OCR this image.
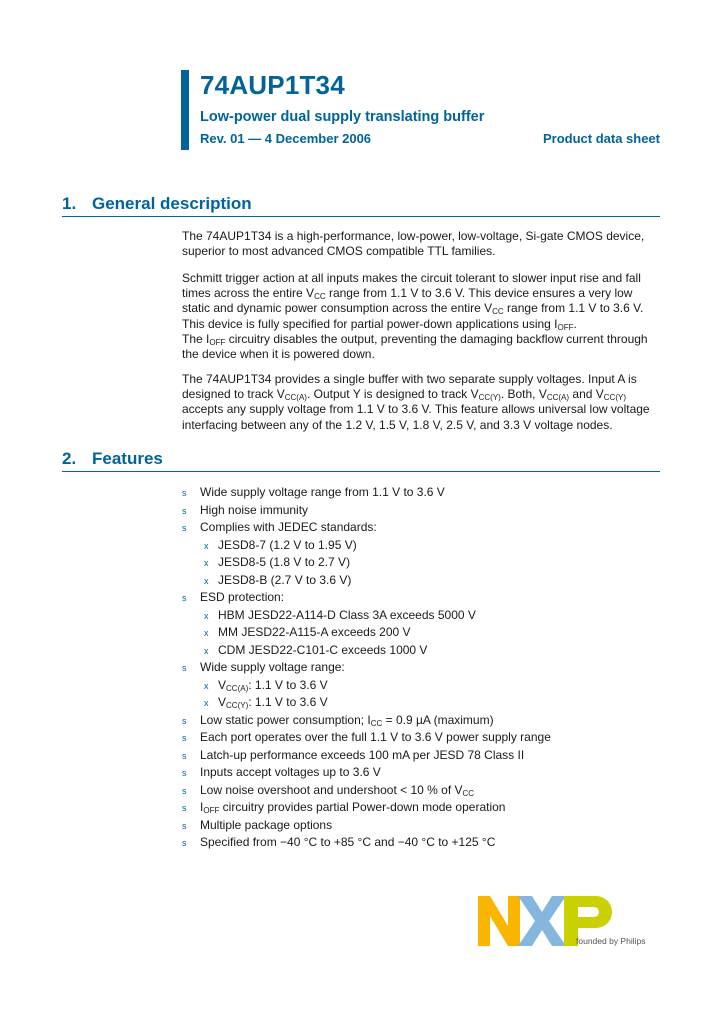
74AUP1T34
Low-power dual supply translating buffer
Rev. 01 — 4 December 2006	Product data sheet
1. General description

The 74AUP1T34 is a high-performance, low-power, low-voltage, Si-gate CMOS device, superior to most advanced CMOS compatible TTL families.

Schmitt trigger action at all inputs makes the circuit tolerant to slower input rise and fall times across the entire $V_{CC}$ range from 1.1 V to 3.6 V. This device ensures a very low static and dynamic power consumption across the entire $V_{CC}$ range from 1.1 V to 3.6 V. This device is fully specified for partial power-down applications using $I_{OFF}$.

The $I_{OFF}$ circuitry disables the output, preventing the damaging backflow current through the device when it is powered down.

The 74AUP1T34 provides a single buffer with two separate supply voltages. Input A is designed to track $V_{CC(A)}$. Output Y is designed to track $V_{CC(Y)}$. Both, $V_{CC(A)}$ and $V_{CC(Y)}$ accepts any supply voltage from 1.1 V to 3.6 V. This feature allows universal low voltage interfacing between any of the 1.2 V, 1.5 V, 1.8 V, 2.5 V, and 3.3 V voltage nodes.

2. Features
s Wide supply voltage range from 1.1 V to 3.6 V
s High noise immunity
s Complies with JEDEC standards:
x JESD8-7 (1.2 V to 1.95 V)
x JESD8-5 (1.8 V to 2.7 V)
x JESD8-B (2.7 V to 3.6 V)
s ESD protection:
x HBM JESD22-A114-D Class 3A exceeds 5000 V
x MM JESD22-A115-A exceeds 200 V
x CDM JESD22-C101-C exceeds 1000 V
s Wide supply voltage range:
x $V_{CC(A)}$: 1.1 V to 3.6 V
x $V_{CC(Y)}$: 1.1 V to 3.6 V
s Low static power consumption; $I_{CC} = 0.9$ µA (maximum)
s Each port operates over the full 1.1 V to 3.6 V power supply range
s Latch-up performance exceeds 100 mA per JESD 78 Class II
s Inputs accept voltages up to 3.6 V
s Low noise overshoot and undershoot < 10 % of $V_{CC}$
s $I_{OFF}$ circuitry provides partial Power-down mode operation
s Multiple package options
s Specified from −40 °C to +85 °C and −40 °C to +125 °C
founded by Philips
